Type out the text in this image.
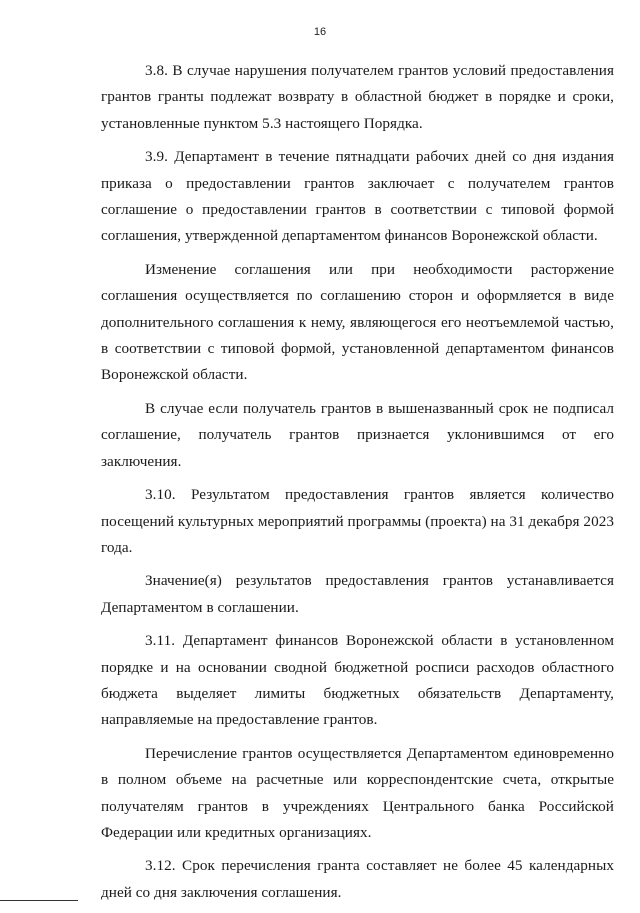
16

3.8. В случае нарушения получателем грантов условий предоставления грантов гранты подлежат возврату в областной бюджет в порядке и сроки, установленные пунктом 5.3 настоящего Порядка.

3.9. Департамент в течение пятнадцати рабочих дней со дня издания приказа о предоставлении грантов заключает с получателем грантов соглашение о предоставлении грантов в соответствии с типовой формой соглашения, утвержденной департаментом финансов Воронежской области.

Изменение соглашения или при необходимости расторжение соглашения осуществляется по соглашению сторон и оформляется в виде дополнительного соглашения к нему, являющегося его неотъемлемой частью, в соответствии с типовой формой, установленной департаментом финансов Воронежской области.

В случае если получатель грантов в вышеназванный срок не подписал соглашение, получатель грантов признается уклонившимся от его заключения.

3.10. Результатом предоставления грантов является количество посещений культурных мероприятий программы (проекта) на 31 декабря 2023 года.

Значение(я) результатов предоставления грантов устанавливается Департаментом в соглашении.

3.11. Департамент финансов Воронежской области в установленном порядке и на основании сводной бюджетной росписи расходов областного бюджета выделяет лимиты бюджетных обязательств Департаменту, направляемые на предоставление грантов.

Перечисление грантов осуществляется Департаментом единовременно в полном объеме на расчетные или корреспондентские счета, открытые получателям грантов в учреждениях Центрального банка Российской Федерации или кредитных организациях.

3.12. Срок перечисления гранта составляет не более 45 календарных дней со дня заключения соглашения.
